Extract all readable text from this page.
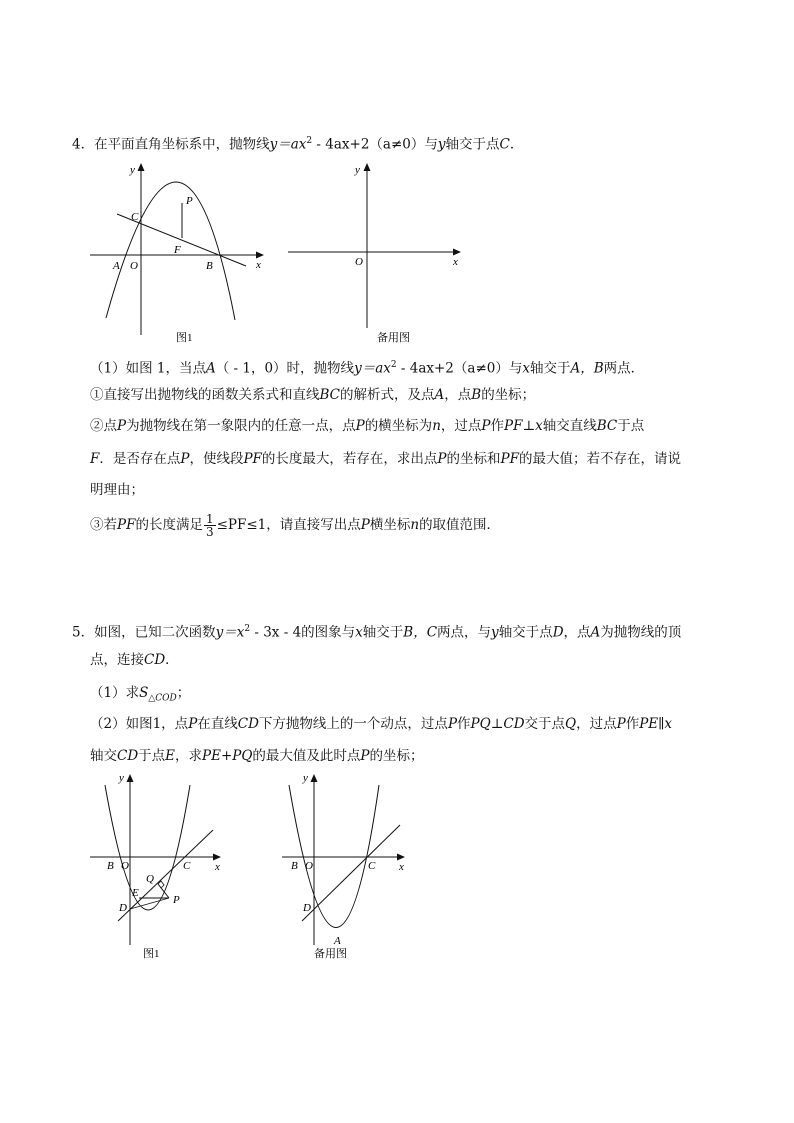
4．在平面直角坐标系中，抛物线$y=ax^2 - 4ax+2(a\ne 0)$与y轴交于点C．
y
x
P
C
F
A O	B
图1
y
x
O
备用图
（1）如图 1，当点A（ - 1，0）时，抛物线$y=ax^2 - 4ax+2(a\ne 0)$与x轴交于A，B两点．
①直接写出抛物线的函数关系式和直线BC的解析式，及点A，点B的坐标；
②点P为抛物线在第一象限内的任意一点，点P的横坐标为n，过点P作PF⊥x轴交直线BC于点
F．是否存在点P，使线段PF的长度最大，若存在，求出点P的坐标和PF的最大值；若不存在，请说
明理由；
③若PF的长度满足 $\frac{1}{3} \le PF\le 1$，请直接写出点P横坐标n的取值范围．
5．如图，已知二次函数$y=x^2 - 3x - 4$的图象与x轴交于B，C两点，与y轴交于点D，点A为抛物线的顶
点，连接CD．
（1）求$S_{\triangle COD}$；
（2）如图1，点P在直线CD下方抛物线上的一个动点，过点P作PQ⊥CD交于点Q，过点P作PE∥x
轴交CD于点E，求PE+PQ的最大值及此时点P的坐标；
y
x
B O	C
Q
E
D
P
图1
y
x
B O	C
D
A
备用图
